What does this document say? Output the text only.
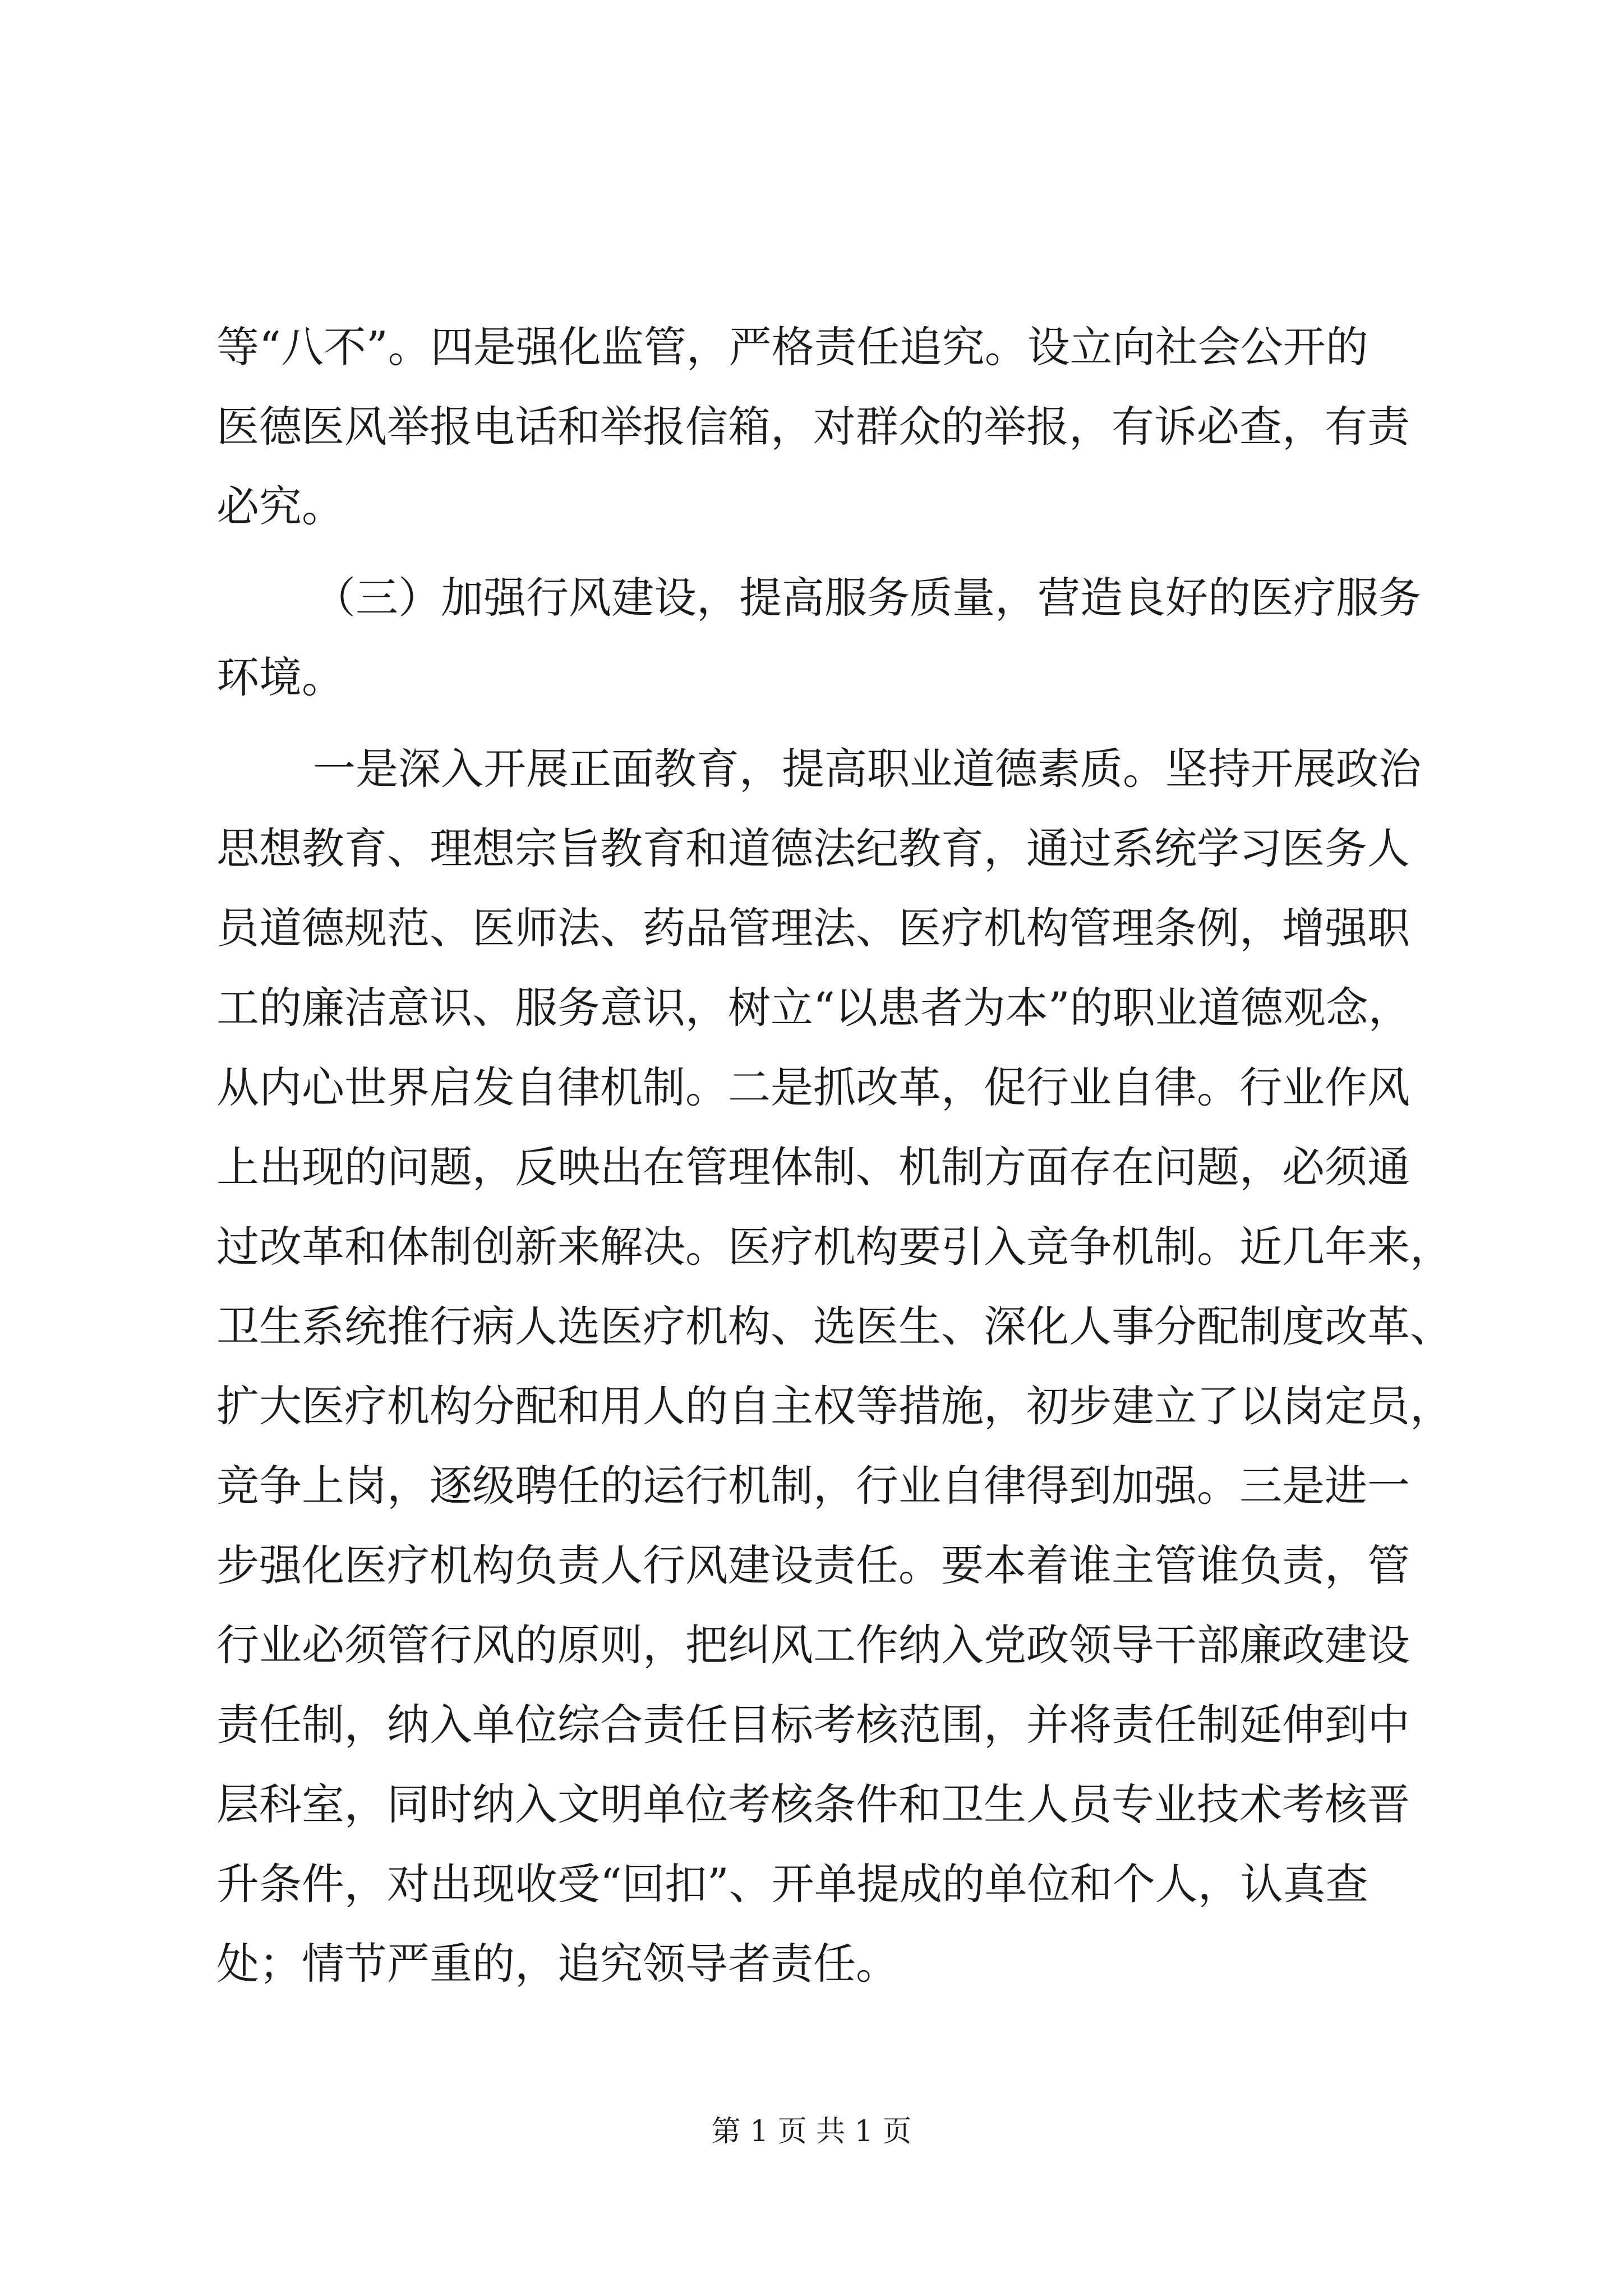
等“八不”。四是强化监管，严格责任追究。设立向社会公开的
医德医风举报电话和举报信箱，对群众的举报，有诉必查，有责
必究。
（三）加强行风建设，提高服务质量，营造良好的医疗服务
环境。
一是深入开展正面教育，提高职业道德素质。坚持开展政治
思想教育、理想宗旨教育和道德法纪教育，通过系统学习医务人
员道德规范、医师法、药品管理法、医疗机构管理条例，增强职
工的廉洁意识、服务意识，树立“以患者为本”的职业道德观念，
从内心世界启发自律机制。二是抓改革，促行业自律。行业作风
上出现的问题，反映出在管理体制、机制方面存在问题，必须通
过改革和体制创新来解决。医疗机构要引入竞争机制。近几年来，
卫生系统推行病人选医疗机构、选医生、深化人事分配制度改革、
扩大医疗机构分配和用人的自主权等措施，初步建立了以岗定员，
竞争上岗，逐级聘任的运行机制，行业自律得到加强。三是进一
步强化医疗机构负责人行风建设责任。要本着谁主管谁负责，管
行业必须管行风的原则，把纠风工作纳入党政领导干部廉政建设
责任制，纳入单位综合责任目标考核范围，并将责任制延伸到中
层科室，同时纳入文明单位考核条件和卫生人员专业技术考核晋
升条件，对出现收受“回扣”、开单提成的单位和个人，认真查
处；情节严重的，追究领导者责任。
第 1 页 共 1 页
